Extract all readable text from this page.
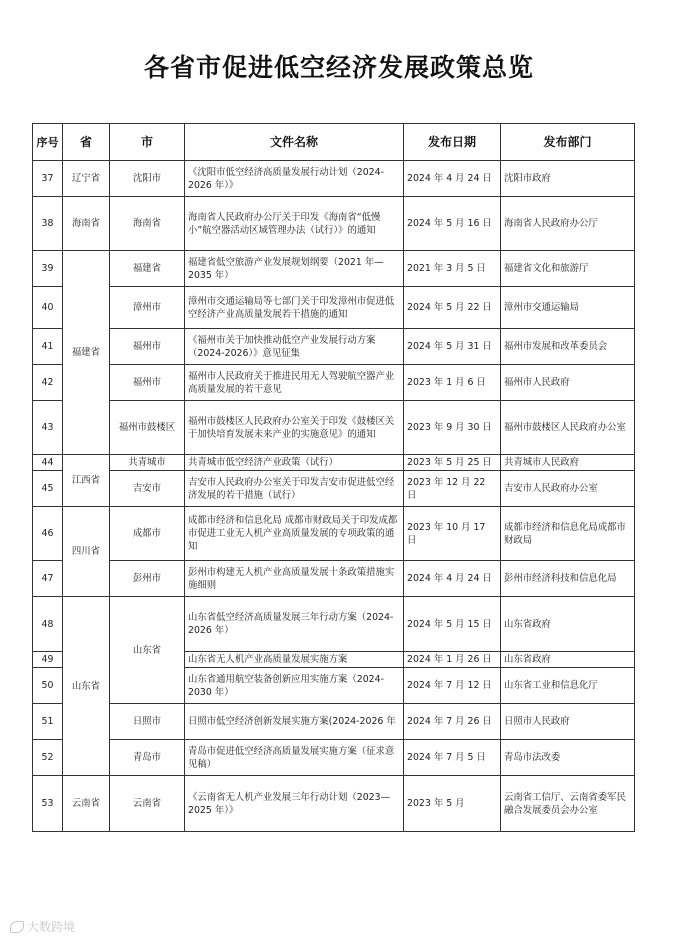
各省市促进低空经济发展政策总览
序号	省	市	文件名称	发布日期	发布部门
37	辽宁省	沈阳市	《沈阳市低空经济高质量发展行动计划（2024-2026 年）》	2024 年 4 月 24 日	沈阳市政府
38	海南省	海南省	海南省人民政府办公厅关于印发《海南省“低慢小”航空器活动区域管理办法（试行）》的通知	2024 年 5 月 16 日	海南省人民政府办公厅
39	福建省	福建省	福建省低空旅游产业发展规划纲要（2021 年—2035 年）	2021 年 3 月 5 日	福建省文化和旅游厅
40		漳州市	漳州市交通运输局等七部门关于印发漳州市促进低空经济产业高质量发展若干措施的通知	2024 年 5 月 22 日	漳州市交通运输局
41		福州市	《福州市关于加快推动低空产业发展行动方案（2024-2026）》意见征集	2024 年 5 月 31 日	福州市发展和改革委员会
42		福州市	福州市人民政府关于推进民用无人驾驶航空器产业高质量发展的若干意见	2023 年 1 月 6 日	福州市人民政府
43		福州市鼓楼区	福州市鼓楼区人民政府办公室关于印发《鼓楼区关于加快培育发展未来产业的实施意见》的通知	2023 年 9 月 30 日	福州市鼓楼区人民政府办公室
44	江西省	共青城市	共青城市低空经济产业政策（试行）	2023 年 5 月 25 日	共青城市人民政府
45		吉安市	吉安市人民政府办公室关于印发吉安市促进低空经济发展的若干措施（试行）	2023 年 12 月 22 日	吉安市人民政府办公室
46	四川省	成都市	成都市经济和信息化局 成都市财政局关于印发成都市促进工业无人机产业高质量发展的专项政策的通知	2023 年 10 月 17 日	成都市经济和信息化局成都市财政局
47		彭州市	彭州市构建无人机产业高质量发展十条政策措施实施细则	2024 年 4 月 24 日	彭州市经济科技和信息化局
48	山东省	山东省	山东省低空经济高质量发展三年行动方案（2024-2026 年）	2024 年 5 月 15 日	山东省政府
49			山东省无人机产业高质量发展实施方案	2024 年 1 月 26 日	山东省政府
50			山东省通用航空装备创新应用实施方案（2024-2030 年）	2024 年 7 月 12 日	山东省工业和信息化厅
51		日照市	日照市低空经济创新发展实施方案(2024-2026 年	2024 年 7 月 26 日	日照市人民政府
52		青岛市	青岛市促进低空经济高质量发展实施方案（征求意见稿）	2024 年 7 月 5 日	青岛市法改委
53	云南省	云南省	《云南省无人机产业发展三年行动计划（2023—2025 年）》	2023 年 5 月	云南省工信厅、云南省委军民融合发展委员会办公室
大数跨境
